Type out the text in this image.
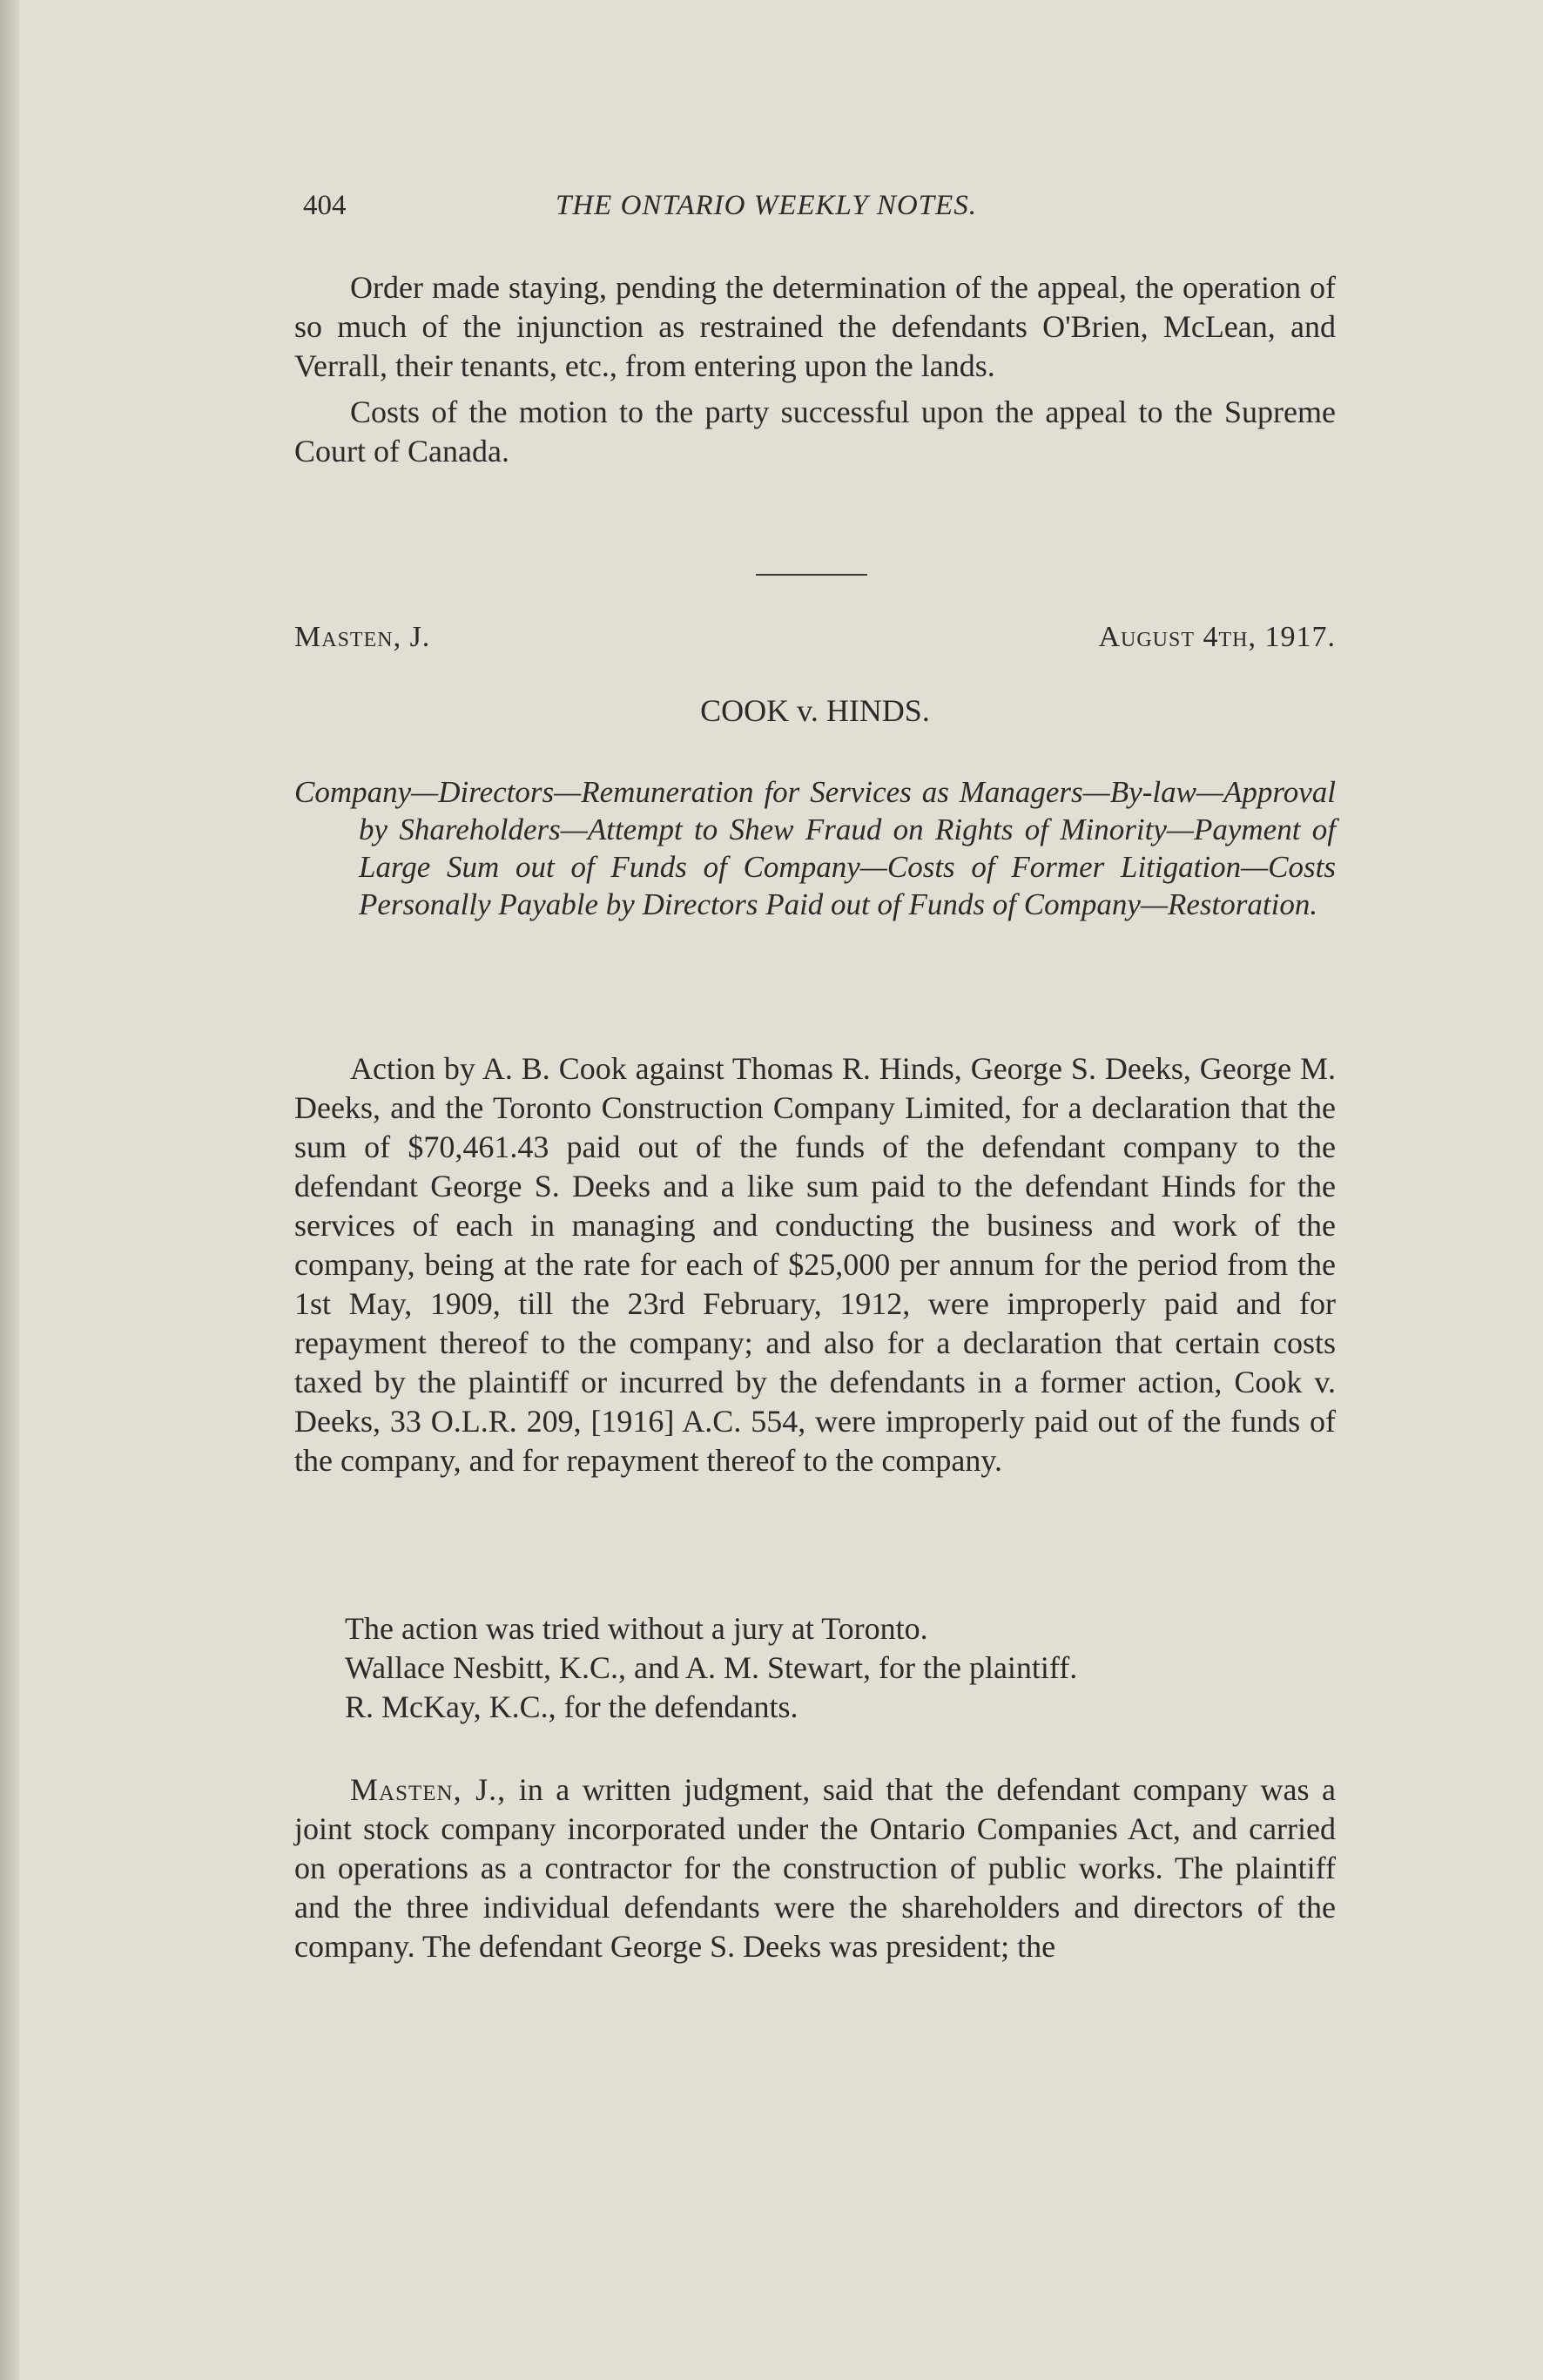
404	THE ONTARIO WEEKLY NOTES.

Order made staying, pending the determination of the appeal, the operation of so much of the injunction as restrained the defendants O'Brien, McLean, and Verrall, their tenants, etc., from entering upon the lands.

Costs of the motion to the party successful upon the appeal to the Supreme Court of Canada.

Masten, J.	August 4th, 1917.
COOK v. HINDS.
Company—Directors—Remuneration for Services as Managers—By-law—Approval by Shareholders—Attempt to Shew Fraud on Rights of Minority—Payment of Large Sum out of Funds of Company—Costs of Former Litigation—Costs Personally Payable by Directors Paid out of Funds of Company—Restoration.

Action by A. B. Cook against Thomas R. Hinds, George S. Deeks, George M. Deeks, and the Toronto Construction Company Limited, for a declaration that the sum of $70,461.43 paid out of the funds of the defendant company to the defendant George S. Deeks and a like sum paid to the defendant Hinds for the services of each in managing and conducting the business and work of the company, being at the rate for each of $25,000 per annum for the period from the 1st May, 1909, till the 23rd February, 1912, were improperly paid and for repayment thereof to the company; and also for a declaration that certain costs taxed by the plaintiff or incurred by the defendants in a former action, Cook v. Deeks, 33 O.L.R. 209, [1916] A.C. 554, were improperly paid out of the funds of the company, and for repayment thereof to the company.

The action was tried without a jury at Toronto.

Wallace Nesbitt, K.C., and A. M. Stewart, for the plaintiff.

R. McKay, K.C., for the defendants.

Masten, J., in a written judgment, said that the defendant company was a joint stock company incorporated under the Ontario Companies Act, and carried on operations as a contractor for the construction of public works. The plaintiff and the three individual defendants were the shareholders and directors of the company. The defendant George S. Deeks was president; the
